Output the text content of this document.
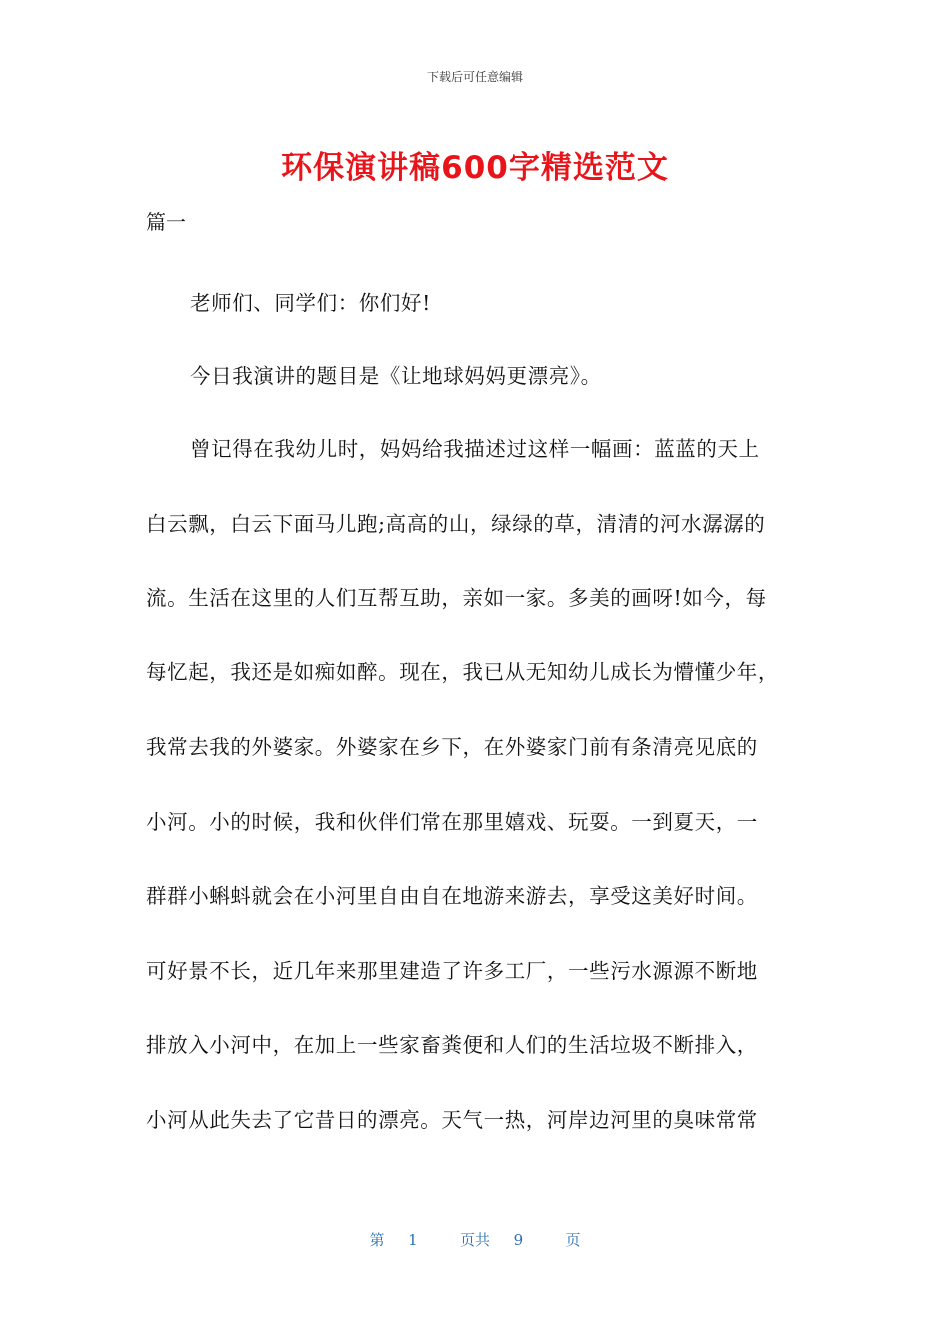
下载后可任意编辑
环保演讲稿600字精选范文
篇一
老师们、同学们：你们好!
今日我演讲的题目是《让地球妈妈更漂亮》。
曾记得在我幼儿时，妈妈给我描述过这样一幅画：蓝蓝的天上
白云飘，白云下面马儿跑;高高的山，绿绿的草，清清的河水潺潺的
流。生活在这里的人们互帮互助，亲如一家。多美的画呀!如今，每
每忆起，我还是如痴如醉。现在，我已从无知幼儿成长为懵懂少年，
我常去我的外婆家。外婆家在乡下，在外婆家门前有条清亮见底的
小河。小的时候，我和伙伴们常在那里嬉戏、玩耍。一到夏天，一
群群小蝌蚪就会在小河里自由自在地游来游去，享受这美好时间。
可好景不长，近几年来那里建造了许多工厂，一些污水源源不断地
排放入小河中，在加上一些家畜粪便和人们的生活垃圾不断排入，
小河从此失去了它昔日的漂亮。天气一热，河岸边河里的臭味常常
第 1	页共 9	页
